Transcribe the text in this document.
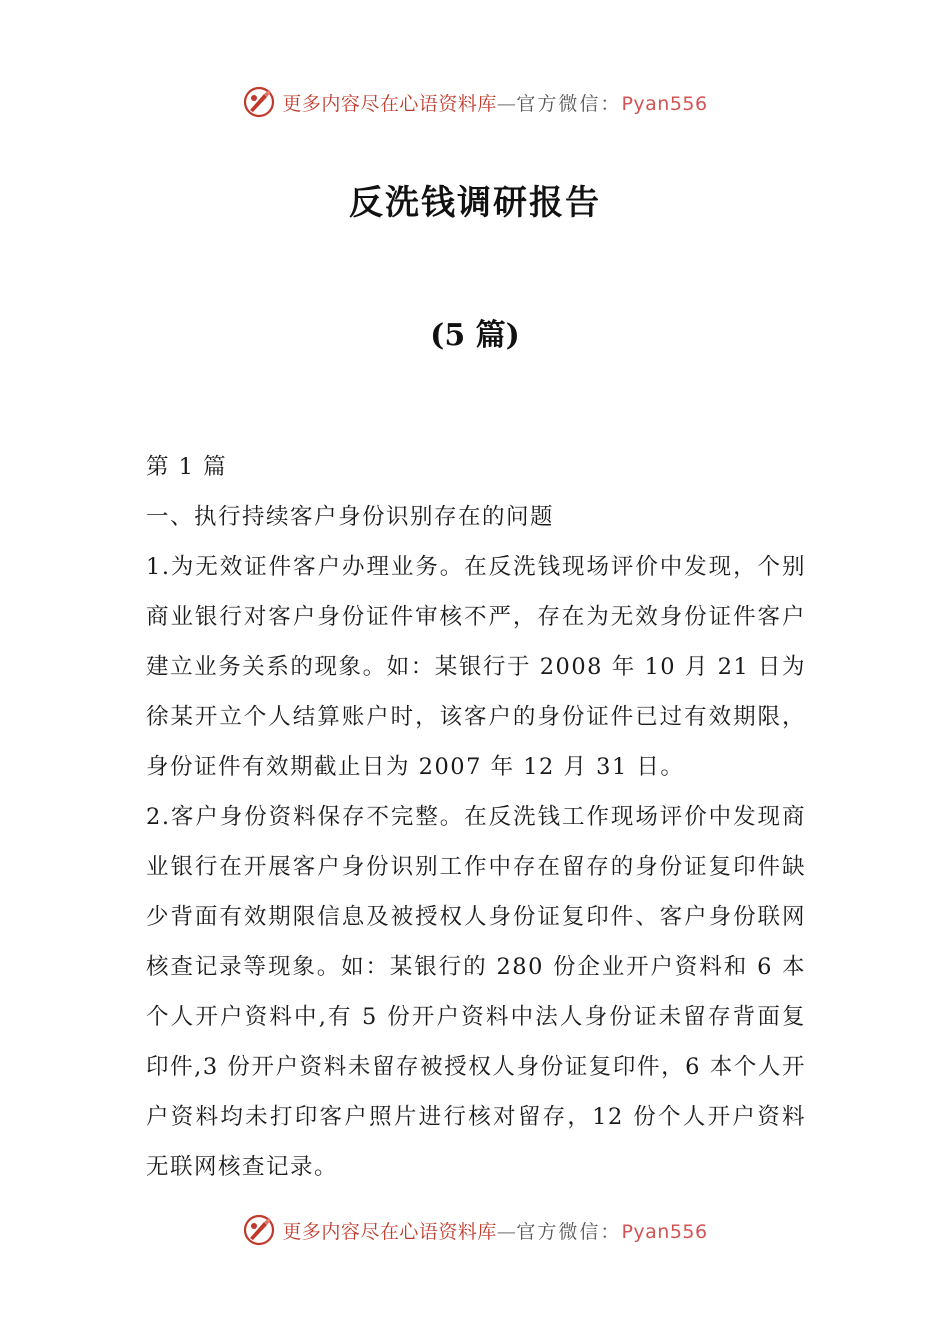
更多内容尽在心语资料库—官方微信：Pyan556
反洗钱调研报告
(5 篇)

第 1 篇

一、执行持续客户身份识别存在的问题

1.为无效证件客户办理业务。在反洗钱现场评价中发现，个别商业银行对客户身份证件审核不严，存在为无效身份证件客户建立业务关系的现象。如：某银行于 2008 年 10 月 21 日为徐某开立个人结算账户时，该客户的身份证件已过有效期限，身份证件有效期截止日为 2007 年 12 月 31 日。

2.客户身份资料保存不完整。在反洗钱工作现场评价中发现商业银行在开展客户身份识别工作中存在留存的身份证复印件缺少背面有效期限信息及被授权人身份证复印件、客户身份联网核查记录等现象。如：某银行的 280 份企业开户资料和 6 本个人开户资料中,有 5 份开户资料中法人身份证未留存背面复印件,3 份开户资料未留存被授权人身份证复印件，6 本个人开户资料均未打印客户照片进行核对留存，12 份个人开户资料无联网核查记录。

更多内容尽在心语资料库—官方微信：Pyan556
